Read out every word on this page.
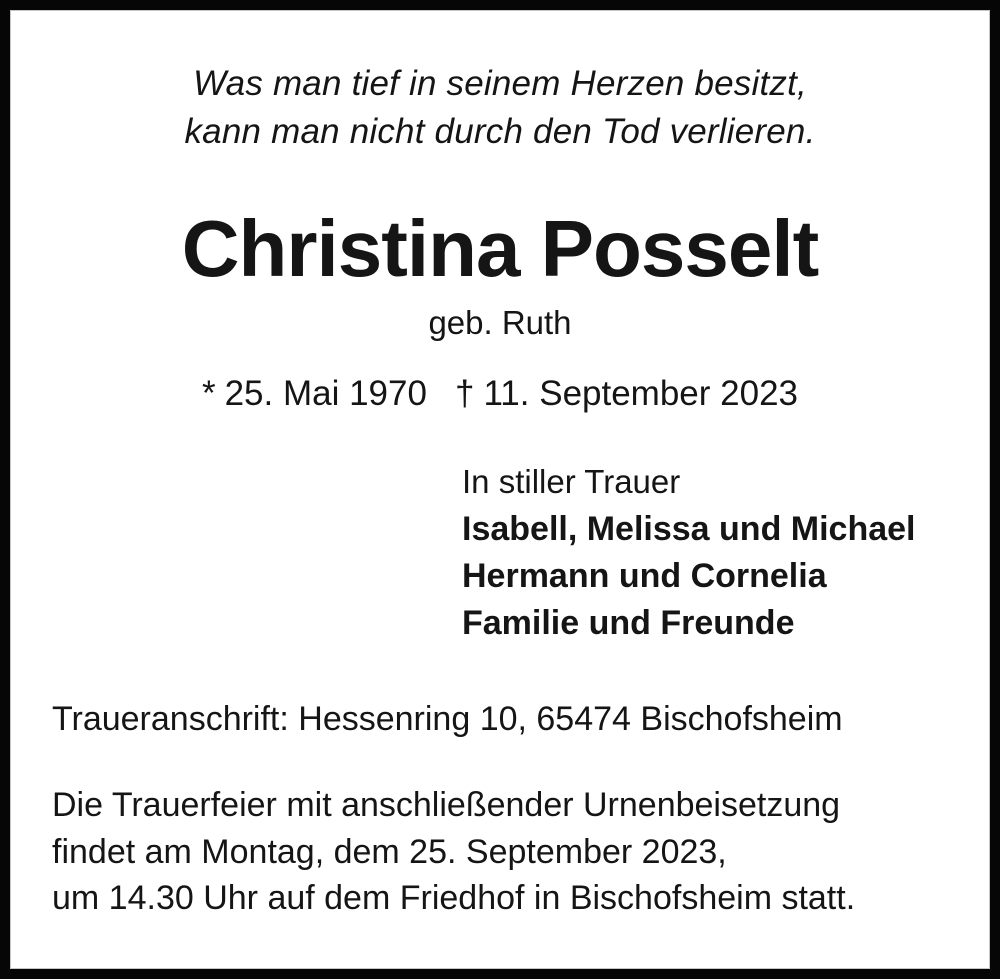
Was man tief in seinem Herzen besitzt,
kann man nicht durch den Tod verlieren.
Christina Posselt
geb. Ruth
* 25. Mai 1970 † 11. September 2023
In stiller Trauer
Isabell, Melissa und Michael
Hermann und Cornelia
Familie und Freunde
Traueranschrift: Hessenring 10, 65474 Bischofsheim
Die Trauerfeier mit anschließender Urnenbeisetzung
findet am Montag, dem 25. September 2023,
um 14.30 Uhr auf dem Friedhof in Bischofsheim statt.
